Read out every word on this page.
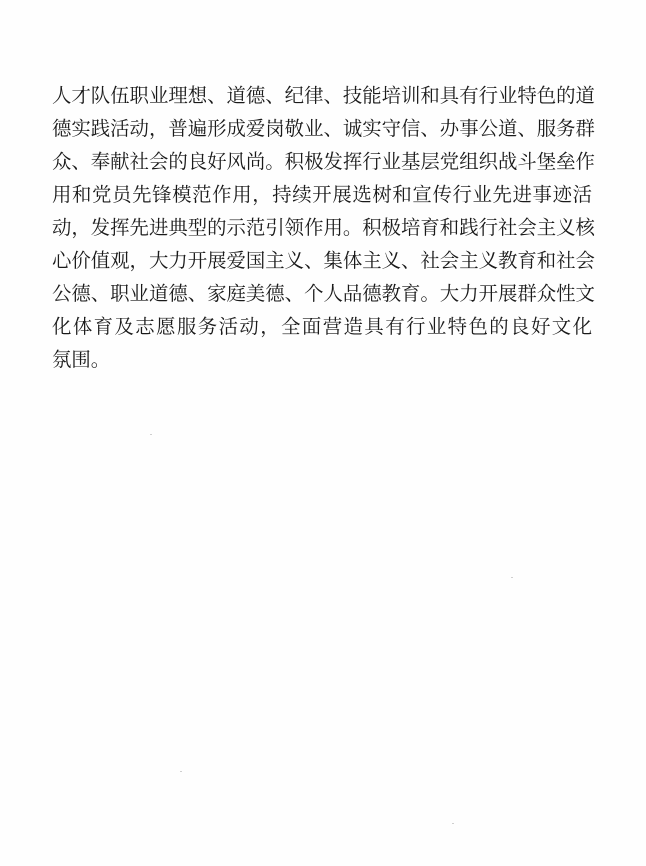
人才队伍职业理想、道德、纪律、技能培训和具有行业特色的道
德实践活动，普遍形成爱岗敬业、诚实守信、办事公道、服务群
众、奉献社会的良好风尚。积极发挥行业基层党组织战斗堡垒作
用和党员先锋模范作用，持续开展选树和宣传行业先进事迹活
动，发挥先进典型的示范引领作用。积极培育和践行社会主义核
心价值观，大力开展爱国主义、集体主义、社会主义教育和社会
公德、职业道德、家庭美德、个人品德教育。大力开展群众性文
化体育及志愿服务活动，全面营造具有行业特色的良好文化
氛围。
